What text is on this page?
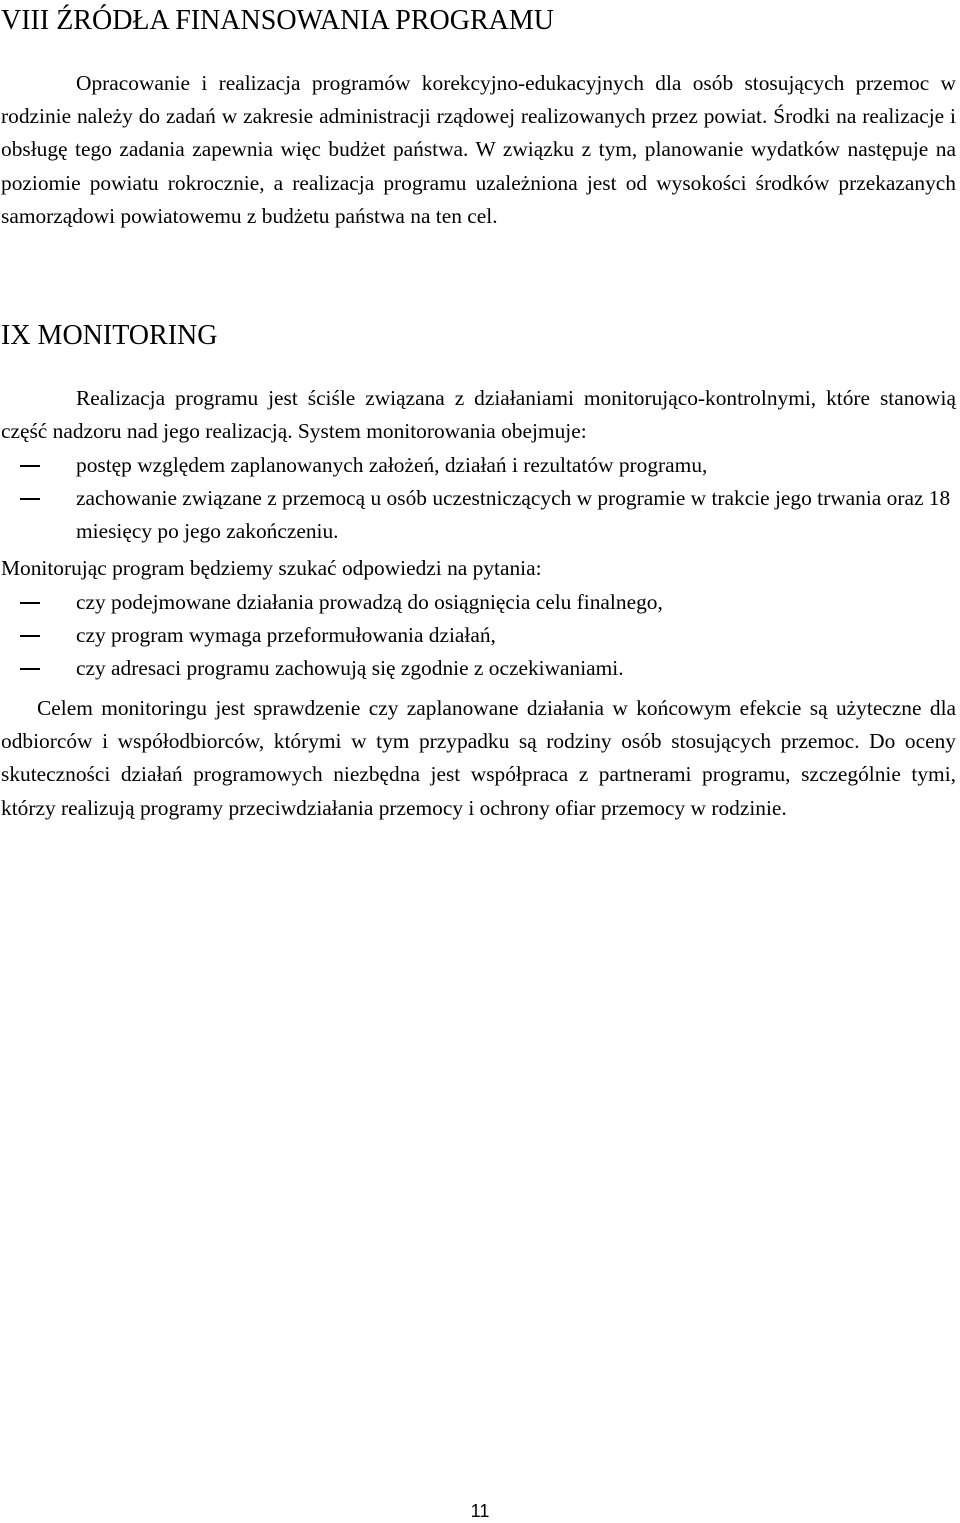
VIII ŹRÓDŁA FINANSOWANIA PROGRAMU

Opracowanie i realizacja programów korekcyjno-edukacyjnych dla osób stosujących przemoc w rodzinie należy do zadań w zakresie administracji rządowej realizowanych przez powiat. Środki na realizacje i obsługę tego zadania zapewnia więc budżet państwa. W związku z tym, planowanie wydatków następuje na poziomie powiatu rokrocznie, a realizacja programu uzależniona jest od wysokości środków przekazanych samorządowi powiatowemu z budżetu państwa na ten cel.

IX MONITORING

Realizacja programu jest ściśle związana z działaniami monitorująco-kontrolnymi, które stanowią część nadzoru nad jego realizacją. System monitorowania obejmuje:

postęp względem zaplanowanych założeń, działań i rezultatów programu,
zachowanie związane z przemocą u osób uczestniczących w programie w trakcie jego trwania oraz 18 miesięcy po jego zakończeniu.

Monitorując program będziemy szukać odpowiedzi na pytania:

czy podejmowane działania prowadzą do osiągnięcia celu finalnego,
czy program wymaga przeformułowania działań,
czy adresaci programu zachowują się zgodnie z oczekiwaniami.

Celem monitoringu jest sprawdzenie czy zaplanowane działania w końcowym efekcie są użyteczne dla odbiorców i współodbiorców, którymi w tym przypadku są rodziny osób stosujących przemoc. Do oceny skuteczności działań programowych niezbędna jest współpraca z partnerami programu, szczególnie tymi, którzy realizują programy przeciwdziałania przemocy i ochrony ofiar przemocy w rodzinie.

11
